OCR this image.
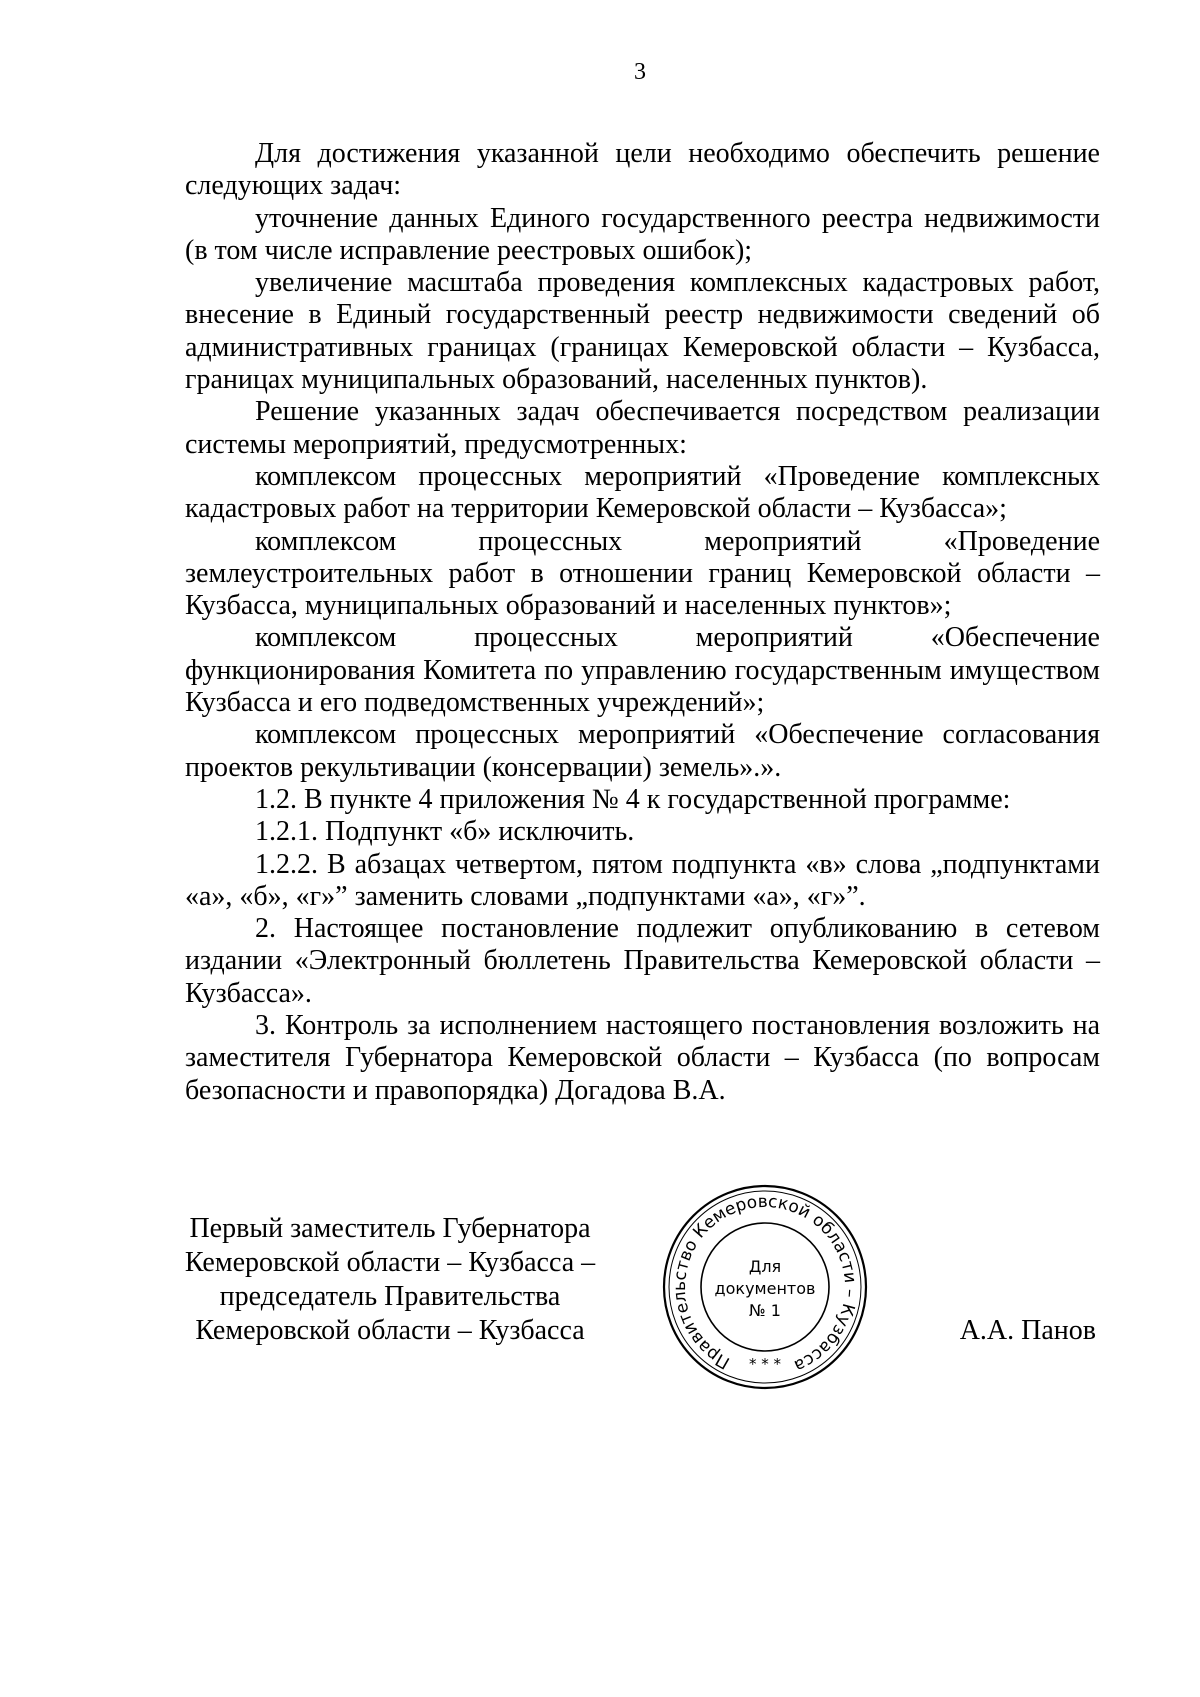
3

Для достижения указанной цели необходимо обеспечить решение следующих задач:

уточнение данных Единого государственного реестра недвижимости (в том числе исправление реестровых ошибок);

увеличение масштаба проведения комплексных кадастровых работ, внесение в Единый государственный реестр недвижимости сведений об административных границах (границах Кемеровской области – Кузбасса, границах муниципальных образований, населенных пунктов).

Решение указанных задач обеспечивается посредством реализации системы мероприятий, предусмотренных:

комплексом процессных мероприятий «Проведение комплексных кадастровых работ на территории Кемеровской области – Кузбасса»;

комплексом процессных мероприятий «Проведение землеустроительных работ в отношении границ Кемеровской области – Кузбасса, муниципальных образований и населенных пунктов»;

комплексом процессных мероприятий «Обеспечение функционирования Комитета по управлению государственным имуществом Кузбасса и его подведомственных учреждений»;

комплексом процессных мероприятий «Обеспечение согласования проектов рекультивации (консервации) земель».».

1.2. В пункте 4 приложения № 4 к государственной программе:

1.2.1. Подпункт «б» исключить.

1.2.2. В абзацах четвертом, пятом подпункта «в» слова „подпунктами «а», «б», «г»” заменить словами „подпунктами «а», «г»”.

2. Настоящее постановление подлежит опубликованию в сетевом издании «Электронный бюллетень Правительства Кемеровской области – Кузбасса».

3. Контроль за исполнением настоящего постановления возложить на заместителя Губернатора Кемеровской области – Кузбасса (по вопросам безопасности и правопорядка) Догадова В.А.

Первый заместитель Губернатора
Кемеровской области – Кузбасса –
председатель Правительства
Кемеровской области – Кузбасса
Правительство Кемеровской области – Кузбасса
* * *
Для
документов
№ 1
А.А. Панов
